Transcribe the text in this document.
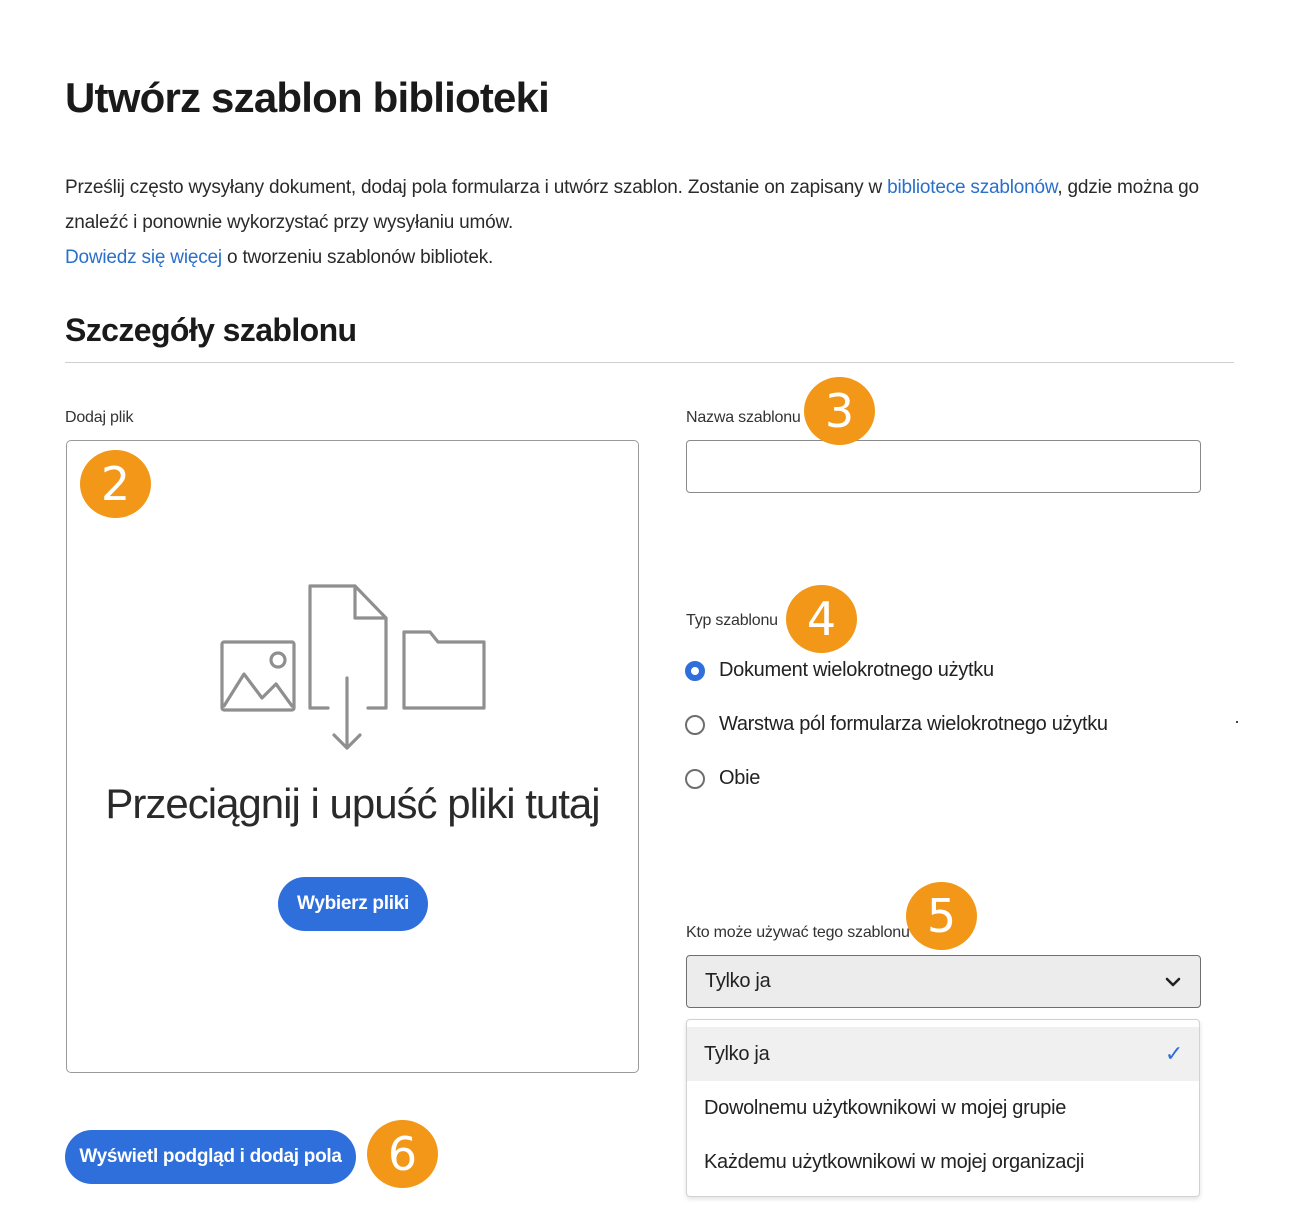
Utwórz szablon biblioteki

Prześlij często wysyłany dokument, dodaj pola formularza i utwórz szablon. Zostanie on zapisany w bibliotece szablonów, gdzie można go znaleźć i ponownie wykorzystać przy wysyłaniu umów.

Dowiedz się więcej o tworzeniu szablonów bibliotek.

Szczegóły szablonu
Dodaj plik
Przeciągnij i upuść pliki tutaj
Wybierz pliki
Wyświetl podgląd i dodaj pola
Nazwa szablonu
Typ szablonu
Dokument wielokrotnego użytku
Warstwa pól formularza wielokrotnego użytku
Obie
Kto może używać tego szablonu
Tylko ja
Tylko ja	✓
Dowolnemu użytkownikowi w mojej grupie
Każdemu użytkownikowi w mojej organizacji
2
3
4
5
6
